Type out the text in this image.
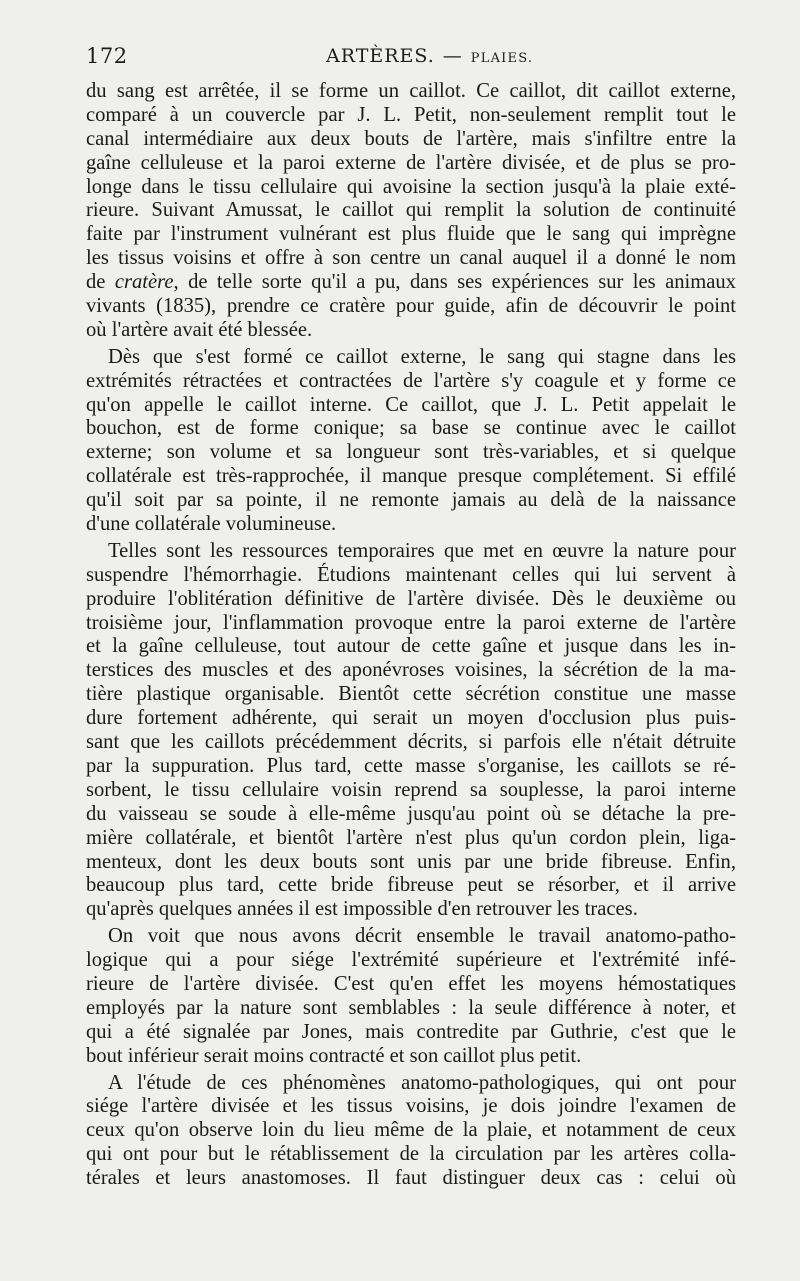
172	ARTÈRES. — PLAIES.
du sang est arrêtée, il se forme un caillot. Ce caillot, dit caillot externe,
comparé à un couvercle par J. L. Petit, non-seulement remplit tout le
canal intermédiaire aux deux bouts de l'artère, mais s'infiltre entre la
gaîne celluleuse et la paroi externe de l'artère divisée, et de plus se pro-
longe dans le tissu cellulaire qui avoisine la section jusqu'à la plaie exté-
rieure. Suivant Amussat, le caillot qui remplit la solution de continuité
faite par l'instrument vulnérant est plus fluide que le sang qui imprègne
les tissus voisins et offre à son centre un canal auquel il a donné le nom
de cratère, de telle sorte qu'il a pu, dans ses expériences sur les animaux
vivants (1835), prendre ce cratère pour guide, afin de découvrir le point
où l'artère avait été blessée.
Dès que s'est formé ce caillot externe, le sang qui stagne dans les
extrémités rétractées et contractées de l'artère s'y coagule et y forme ce
qu'on appelle le caillot interne. Ce caillot, que J. L. Petit appelait le
bouchon, est de forme conique; sa base se continue avec le caillot
externe; son volume et sa longueur sont très-variables, et si quelque
collatérale est très-rapprochée, il manque presque complétement. Si effilé
qu'il soit par sa pointe, il ne remonte jamais au delà de la naissance
d'une collatérale volumineuse.
Telles sont les ressources temporaires que met en œuvre la nature pour
suspendre l'hémorrhagie. Étudions maintenant celles qui lui servent à
produire l'oblitération définitive de l'artère divisée. Dès le deuxième ou
troisième jour, l'inflammation provoque entre la paroi externe de l'artère
et la gaîne celluleuse, tout autour de cette gaîne et jusque dans les in-
terstices des muscles et des aponévroses voisines, la sécrétion de la ma-
tière plastique organisable. Bientôt cette sécrétion constitue une masse
dure fortement adhérente, qui serait un moyen d'occlusion plus puis-
sant que les caillots précédemment décrits, si parfois elle n'était détruite
par la suppuration. Plus tard, cette masse s'organise, les caillots se ré-
sorbent, le tissu cellulaire voisin reprend sa souplesse, la paroi interne
du vaisseau se soude à elle-même jusqu'au point où se détache la pre-
mière collatérale, et bientôt l'artère n'est plus qu'un cordon plein, liga-
menteux, dont les deux bouts sont unis par une bride fibreuse. Enfin,
beaucoup plus tard, cette bride fibreuse peut se résorber, et il arrive
qu'après quelques années il est impossible d'en retrouver les traces.
On voit que nous avons décrit ensemble le travail anatomo-patho-
logique qui a pour siége l'extrémité supérieure et l'extrémité infé-
rieure de l'artère divisée. C'est qu'en effet les moyens hémostatiques
employés par la nature sont semblables : la seule différence à noter, et
qui a été signalée par Jones, mais contredite par Guthrie, c'est que le
bout inférieur serait moins contracté et son caillot plus petit.
A l'étude de ces phénomènes anatomo-pathologiques, qui ont pour
siége l'artère divisée et les tissus voisins, je dois joindre l'examen de
ceux qu'on observe loin du lieu même de la plaie, et notamment de ceux
qui ont pour but le rétablissement de la circulation par les artères colla-
térales et leurs anastomoses. Il faut distinguer deux cas : celui où
